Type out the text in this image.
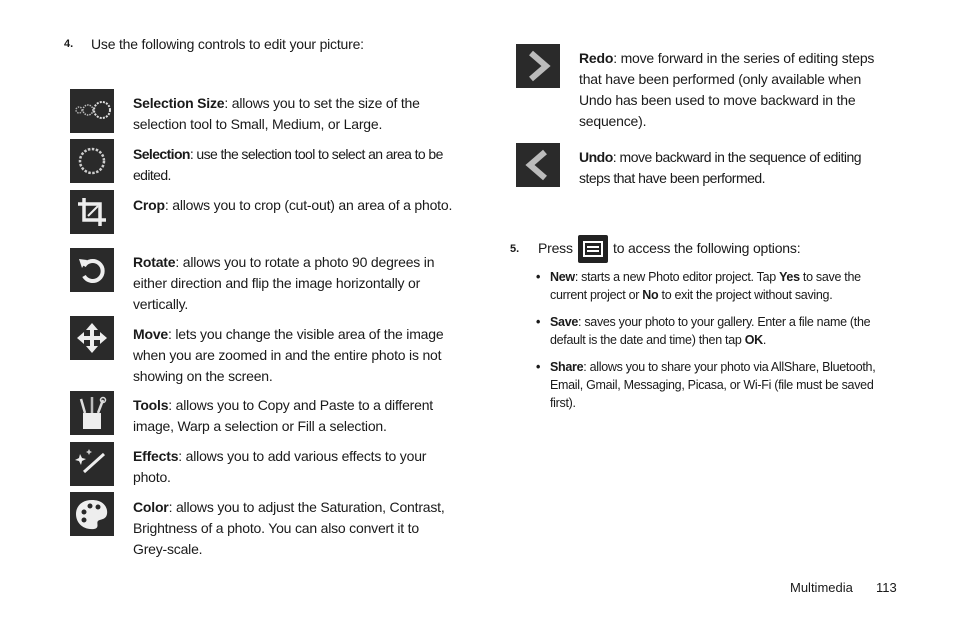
4. Use the following controls to edit your picture:
Selection Size: allows you to set the size of the selection tool to Small, Medium, or Large.
Selection: use the selection tool to select an area to be edited.
Crop: allows you to crop (cut-out) an area of a photo.
Rotate: allows you to rotate a photo 90 degrees in either direction and flip the image horizontally or vertically.
Move: lets you change the visible area of the image when you are zoomed in and the entire photo is not showing on the screen.
Tools: allows you to Copy and Paste to a different image, Warp a selection or Fill a selection.
Effects: allows you to add various effects to your photo.
Color: allows you to adjust the Saturation, Contrast, Brightness of a photo. You can also convert it to Grey-scale.
Redo: move forward in the series of editing steps that have been performed (only available when Undo has been used to move backward in the sequence).
Undo: move backward in the sequence of editing steps that have been performed.
5. Press	to access the following options:
• New: starts a new Photo editor project. Tap Yes to save the current project or No to exit the project without saving.
• Save: saves your photo to your gallery. Enter a file name (the default is the date and time) then tap OK.
• Share: allows you to share your photo via AllShare, Bluetooth, Email, Gmail, Messaging, Picasa, or Wi-Fi (file must be saved first).
Multimedia 113
